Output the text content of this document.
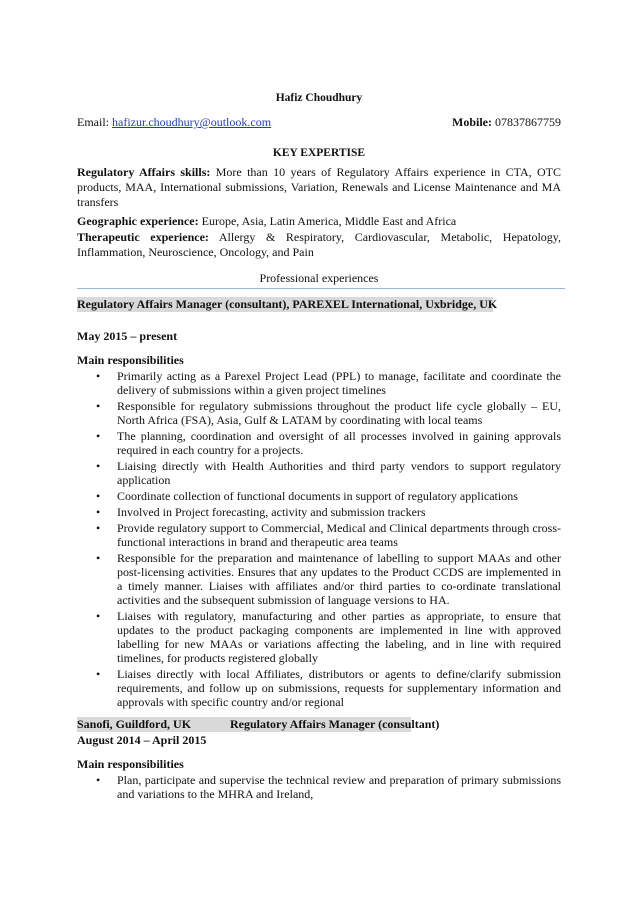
Hafiz Choudhury
Email: hafizur.choudhury@outlook.com	Mobile: 07837867759
KEY EXPERTISE
Regulatory Affairs skills: More than 10 years of Regulatory Affairs experience in CTA, OTC products, MAA, International submissions, Variation, Renewals and License Maintenance and MA transfers
Geographic experience: Europe, Asia, Latin America, Middle East and Africa
Therapeutic experience: Allergy & Respiratory, Cardiovascular, Metabolic, Hepatology, Inflammation, Neuroscience, Oncology, and Pain
Professional experiences
Regulatory Affairs Manager (consultant), PAREXEL International, Uxbridge, UK
May 2015 – present
Main responsibilities
• Primarily acting as a Parexel Project Lead (PPL) to manage, facilitate and coordinate the delivery of submissions within a given project timelines
• Responsible for regulatory submissions throughout the product life cycle globally – EU, North Africa (FSA), Asia, Gulf & LATAM by coordinating with local teams
• The planning, coordination and oversight of all processes involved in gaining approvals required in each country for a projects.
• Liaising directly with Health Authorities and third party vendors to support regulatory application
• Coordinate collection of functional documents in support of regulatory applications
• Involved in Project forecasting, activity and submission trackers
• Provide regulatory support to Commercial, Medical and Clinical departments through cross-functional interactions in brand and therapeutic area teams
• Responsible for the preparation and maintenance of labelling to support MAAs and other post-licensing activities. Ensures that any updates to the Product CCDS are implemented in a timely manner. Liaises with affiliates and/or third parties to co-ordinate translational activities and the subsequent submission of language versions to HA.
• Liaises with regulatory, manufacturing and other parties as appropriate, to ensure that updates to the product packaging components are implemented in line with approved labelling for new MAAs or variations affecting the labeling, and in line with required timelines, for products registered globally
• Liaises directly with local Affiliates, distributors or agents to define/clarify submission requirements, and follow up on submissions, requests for supplementary information and approvals with specific country and/or regional
Sanofi, Guildford, UK	Regulatory Affairs Manager (consultant)
August 2014 – April 2015
Main responsibilities
• Plan, participate and supervise the technical review and preparation of primary submissions and variations to the MHRA and Ireland,
